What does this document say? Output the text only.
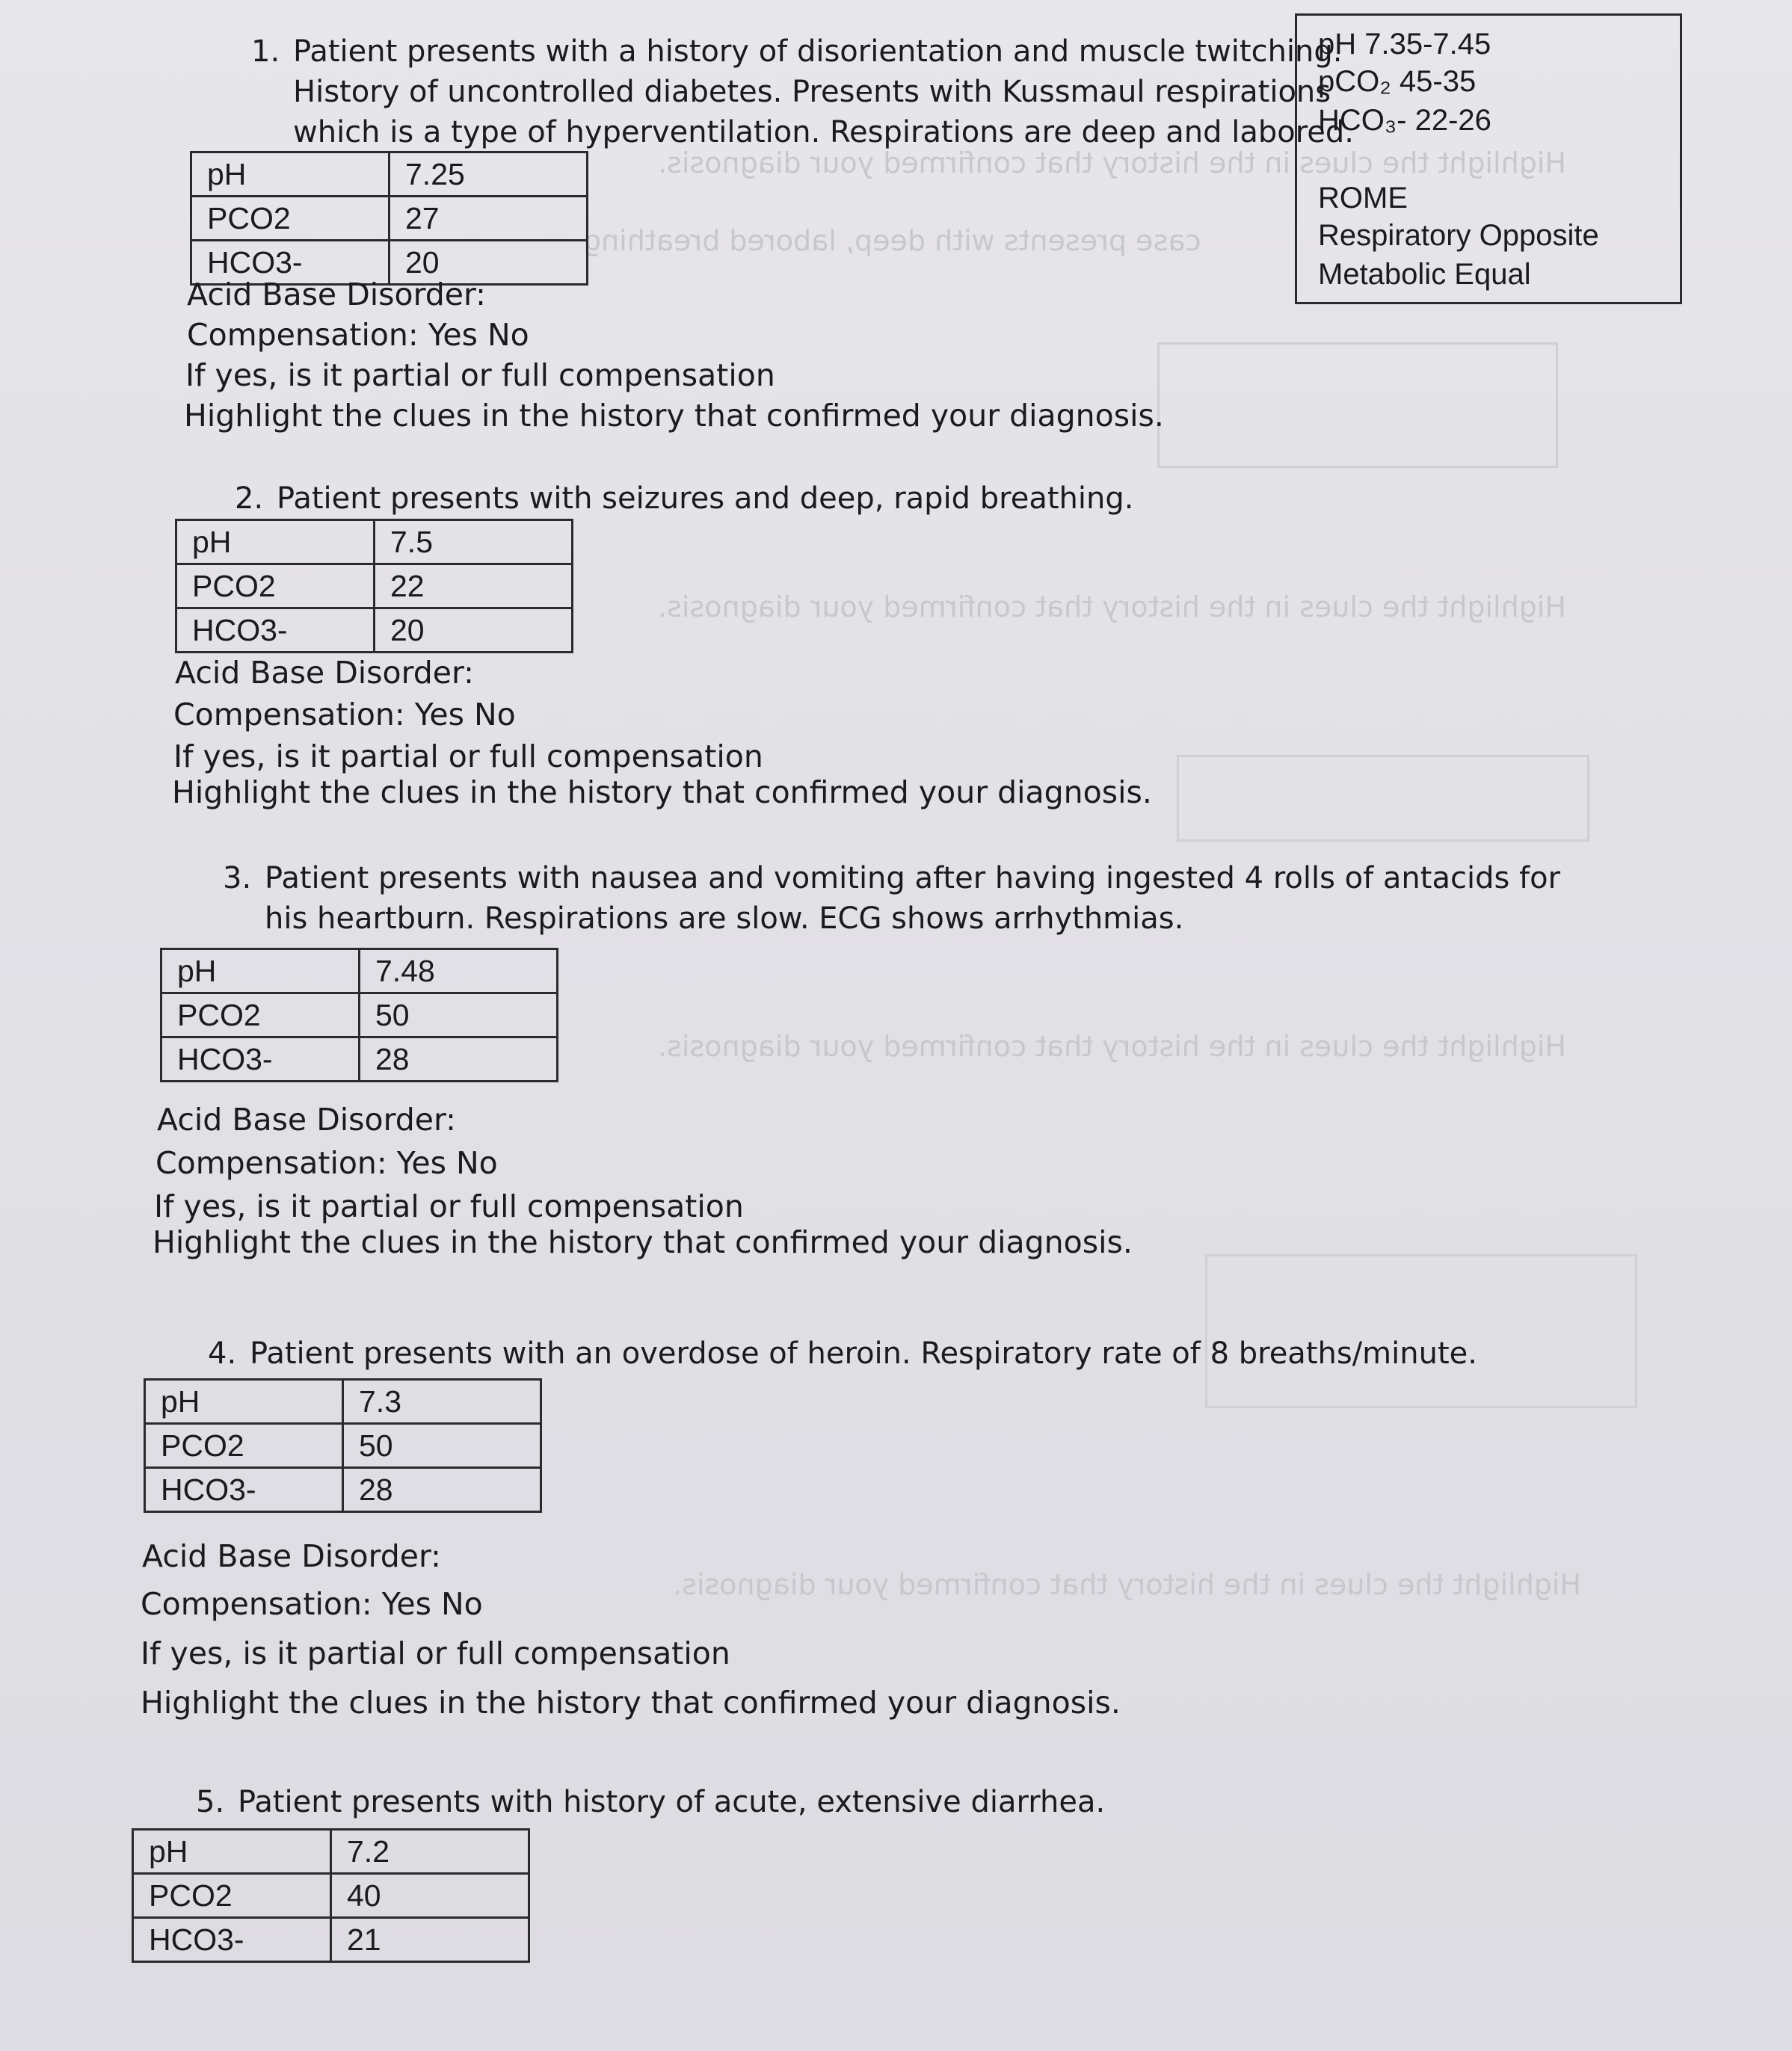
Highlight the clues in the history that confirmed your diagnosis.
case presents with deep, labored breathing
Highlight the clues in the history that confirmed your diagnosis.
Highlight the clues in the history that confirmed your diagnosis.
Highlight the clues in the history that confirmed your diagnosis.
pH 7.35-7.45
pCO₂ 45-35
HCO₃- 22-26
ROME
Respiratory Opposite
Metabolic Equal
1. Patient presents with a history of disorientation and muscle twitching.
History of uncontrolled diabetes. Presents with Kussmaul respirations
which is a type of hyperventilation. Respirations are deep and labored.
pH	7.25
PCO2	27
HCO3-	20
Acid Base Disorder:
Compensation: Yes No
If yes, is it partial or full compensation
Highlight the clues in the history that confirmed your diagnosis.
2. Patient presents with seizures and deep, rapid breathing.
pH	7.5
PCO2	22
HCO3-	20
Acid Base Disorder:
Compensation: Yes No
If yes, is it partial or full compensation
Highlight the clues in the history that confirmed your diagnosis.
3. Patient presents with nausea and vomiting after having ingested 4 rolls of antacids for
his heartburn. Respirations are slow. ECG shows arrhythmias.
pH	7.48
PCO2	50
HCO3-	28
Acid Base Disorder:
Compensation: Yes No
If yes, is it partial or full compensation
Highlight the clues in the history that confirmed your diagnosis.
4. Patient presents with an overdose of heroin. Respiratory rate of 8 breaths/minute.
pH	7.3
PCO2	50
HCO3-	28
Acid Base Disorder:
Compensation: Yes No
If yes, is it partial or full compensation
Highlight the clues in the history that confirmed your diagnosis.
5. Patient presents with history of acute, extensive diarrhea.
pH	7.2
PCO2	40
HCO3-	21
